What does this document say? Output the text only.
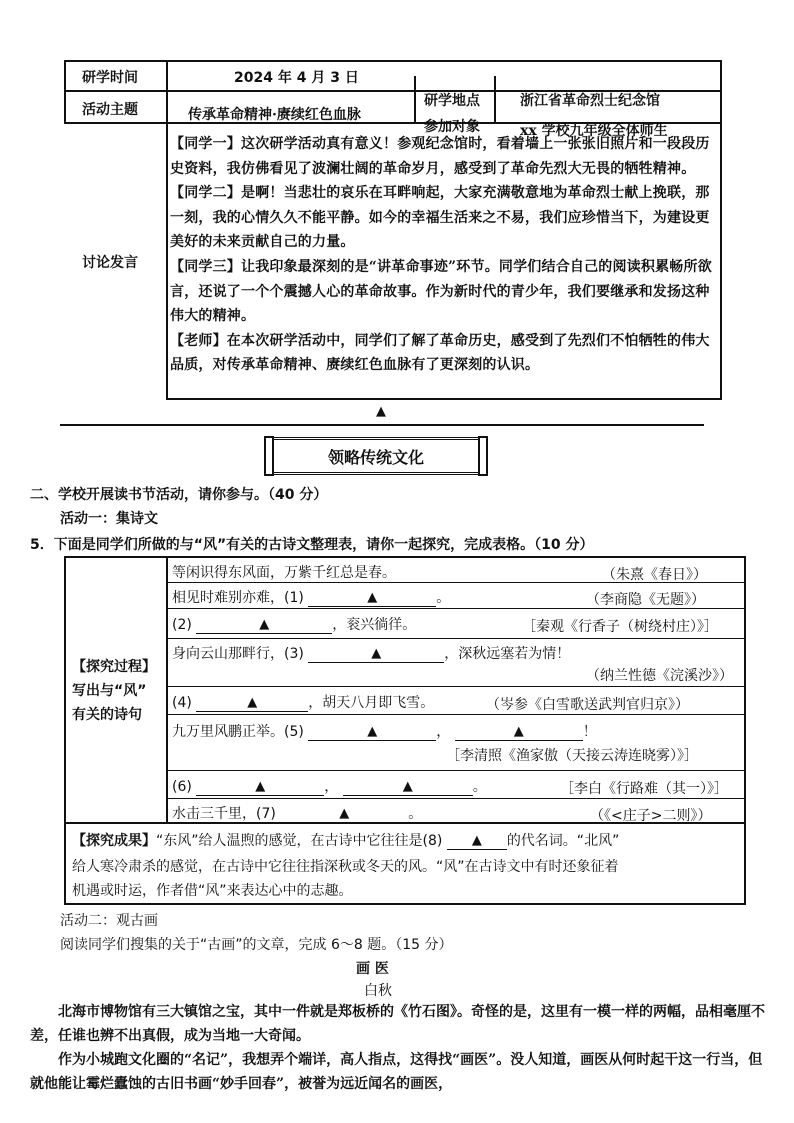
研学时间	2024 年 4 月 3 日
研学地点	浙江省革命烈士纪念馆
活动主题	传承革命精神·赓续红色血脉
参加对象	xx 学校九年级全体师生
讨论发言

【同学一】这次研学活动真有意义！参观纪念馆时，看着墙上一张张旧照片和一段段历史资料，我仿佛看见了波澜壮阔的革命岁月，感受到了革命先烈大无畏的牺牲精神。

【同学二】是啊！当悲壮的哀乐在耳畔响起，大家充满敬意地为革命烈士献上挽联，那一刻，我的心情久久不能平静。如今的幸福生活来之不易，我们应珍惜当下，为建设更美好的未来贡献自己的力量。

【同学三】让我印象最深刻的是“讲革命事迹”环节。同学们结合自己的阅读积累畅所欲言，还说了一个个震撼人心的革命故事。作为新时代的青少年，我们要继承和发扬这种伟大的精神。

【老师】在本次研学活动中，同学们了解了革命历史，感受到了先烈们不怕牺牲的伟大品质，对传承革命精神、赓续红色血脉有了更深刻的认识。

▲
领略传统文化
二、学校开展读书节活动，请你参与。（40 分）
活动一：集诗文
5．下面是同学们所做的与“风”有关的古诗文整理表，请你一起探究，完成表格。（10 分）
【探究过程】
写出与“风”
有关的诗句
等闲识得东风面，万紫千红总是春。	（朱熹《春日》）
相见时难别亦难，(1)	▲	。	（李商隐《无题》）
(2)	▲	，衮兴徜徉。	［秦观《行香子（树绕村庄）》］
身向云山那畔行，(3)	▲	，深秋远塞若为情！
（纳兰性德《浣溪沙》）
(4)	▲	，胡天八月即飞雪。	（岑参《白雪歌送武判官归京》）
九万里风鹏正举。(5)	▲	，	▲	！
［李清照《渔家傲（天接云涛连晓雾）》］
(6)	▲	，	▲	。	［李白《行路难（其一）》］
水击三千里，(7)	▲	。	（《<庄子>二则》）
【探究成果】“东风”给人温煦的感觉，在古诗中它往往是(8) ▲ 的代名词。“北风”
给人寒冷肃杀的感觉，在古诗中它往往指深秋或冬天的风。“风”在古诗文中有时还象征着
机遇或时运，作者借“风”来表达心中的志趣。
活动二：观古画
阅读同学们搜集的关于“古画”的文章，完成 6～8 题。（15 分）
画 医
白秋

北海市博物馆有三大镇馆之宝，其中一件就是郑板桥的《竹石图》。奇怪的是，这里有一模一样的两幅，品相毫厘不差，任谁也辨不出真假，成为当地一大奇闻。

作为小城跑文化圈的“名记”，我想弄个端详，高人指点，这得找“画医”。没人知道，画医从何时起干这一行当，但就他能让霉烂蠹蚀的古旧书画“妙手回春”，被誉为远近闻名的画医，
